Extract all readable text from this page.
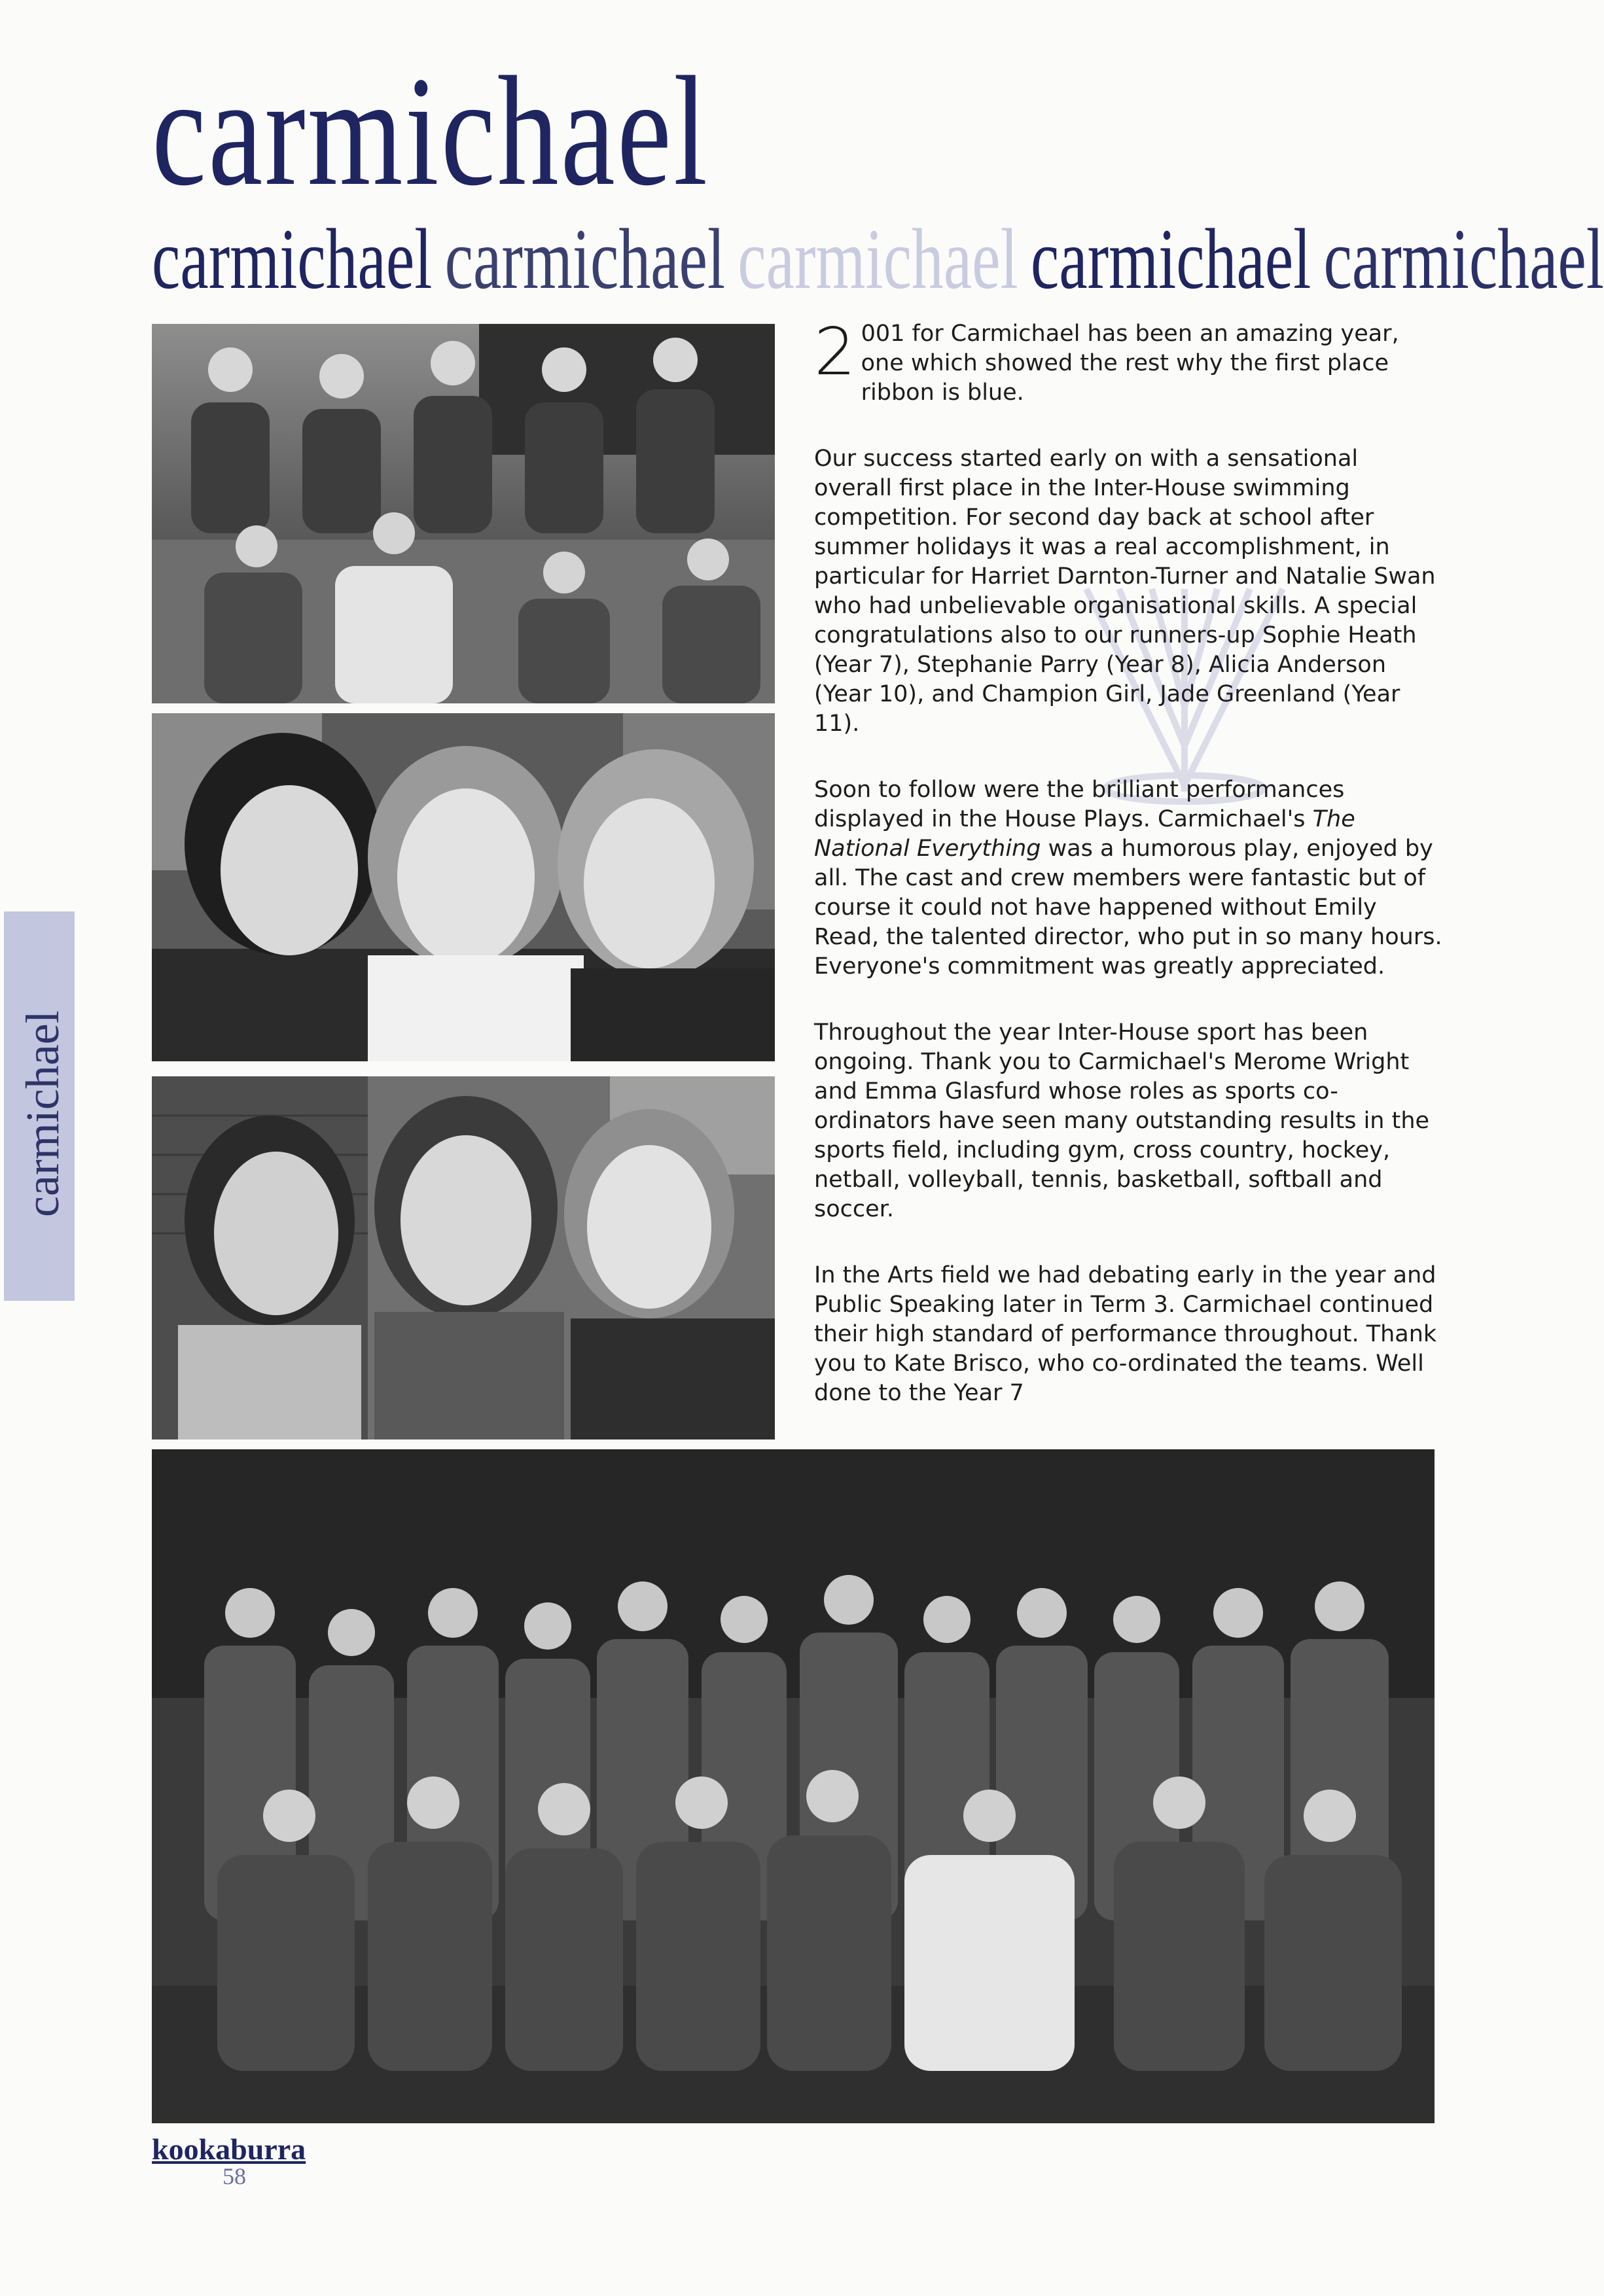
carmichael
carmichael carmichael carmichael carmichael carmichael
carmichael

2 001 for Carmichael has been an amazing year, one which showed the rest why the first place ribbon is blue.

Our success started early on with a sensational overall first place in the Inter-House swimming competition. For second day back at school after summer holidays it was a real accomplishment, in particular for Harriet Darnton-Turner and Natalie Swan who had unbelievable organisational skills. A special congratulations also to our runners-up Sophie Heath (Year 7), Stephanie Parry (Year 8), Alicia Anderson (Year 10), and Champion Girl, Jade Greenland (Year 11).

Soon to follow were the brilliant performances displayed in the House Plays. Carmichael's The National Everything was a humorous play, enjoyed by all. The cast and crew members were fantastic but of course it could not have happened without Emily Read, the talented director, who put in so many hours. Everyone's commitment was greatly appreciated.

Throughout the year Inter-House sport has been ongoing. Thank you to Carmichael's Merome Wright and Emma Glasfurd whose roles as sports co-ordinators have seen many outstanding results in the sports field, including gym, cross country, hockey, netball, volleyball, tennis, basketball, softball and soccer.

In the Arts field we had debating early in the year and Public Speaking later in Term 3. Carmichael continued their high standard of performance throughout. Thank you to Kate Brisco, who co-ordinated the teams. Well done to the Year 7

kookaburra
58
